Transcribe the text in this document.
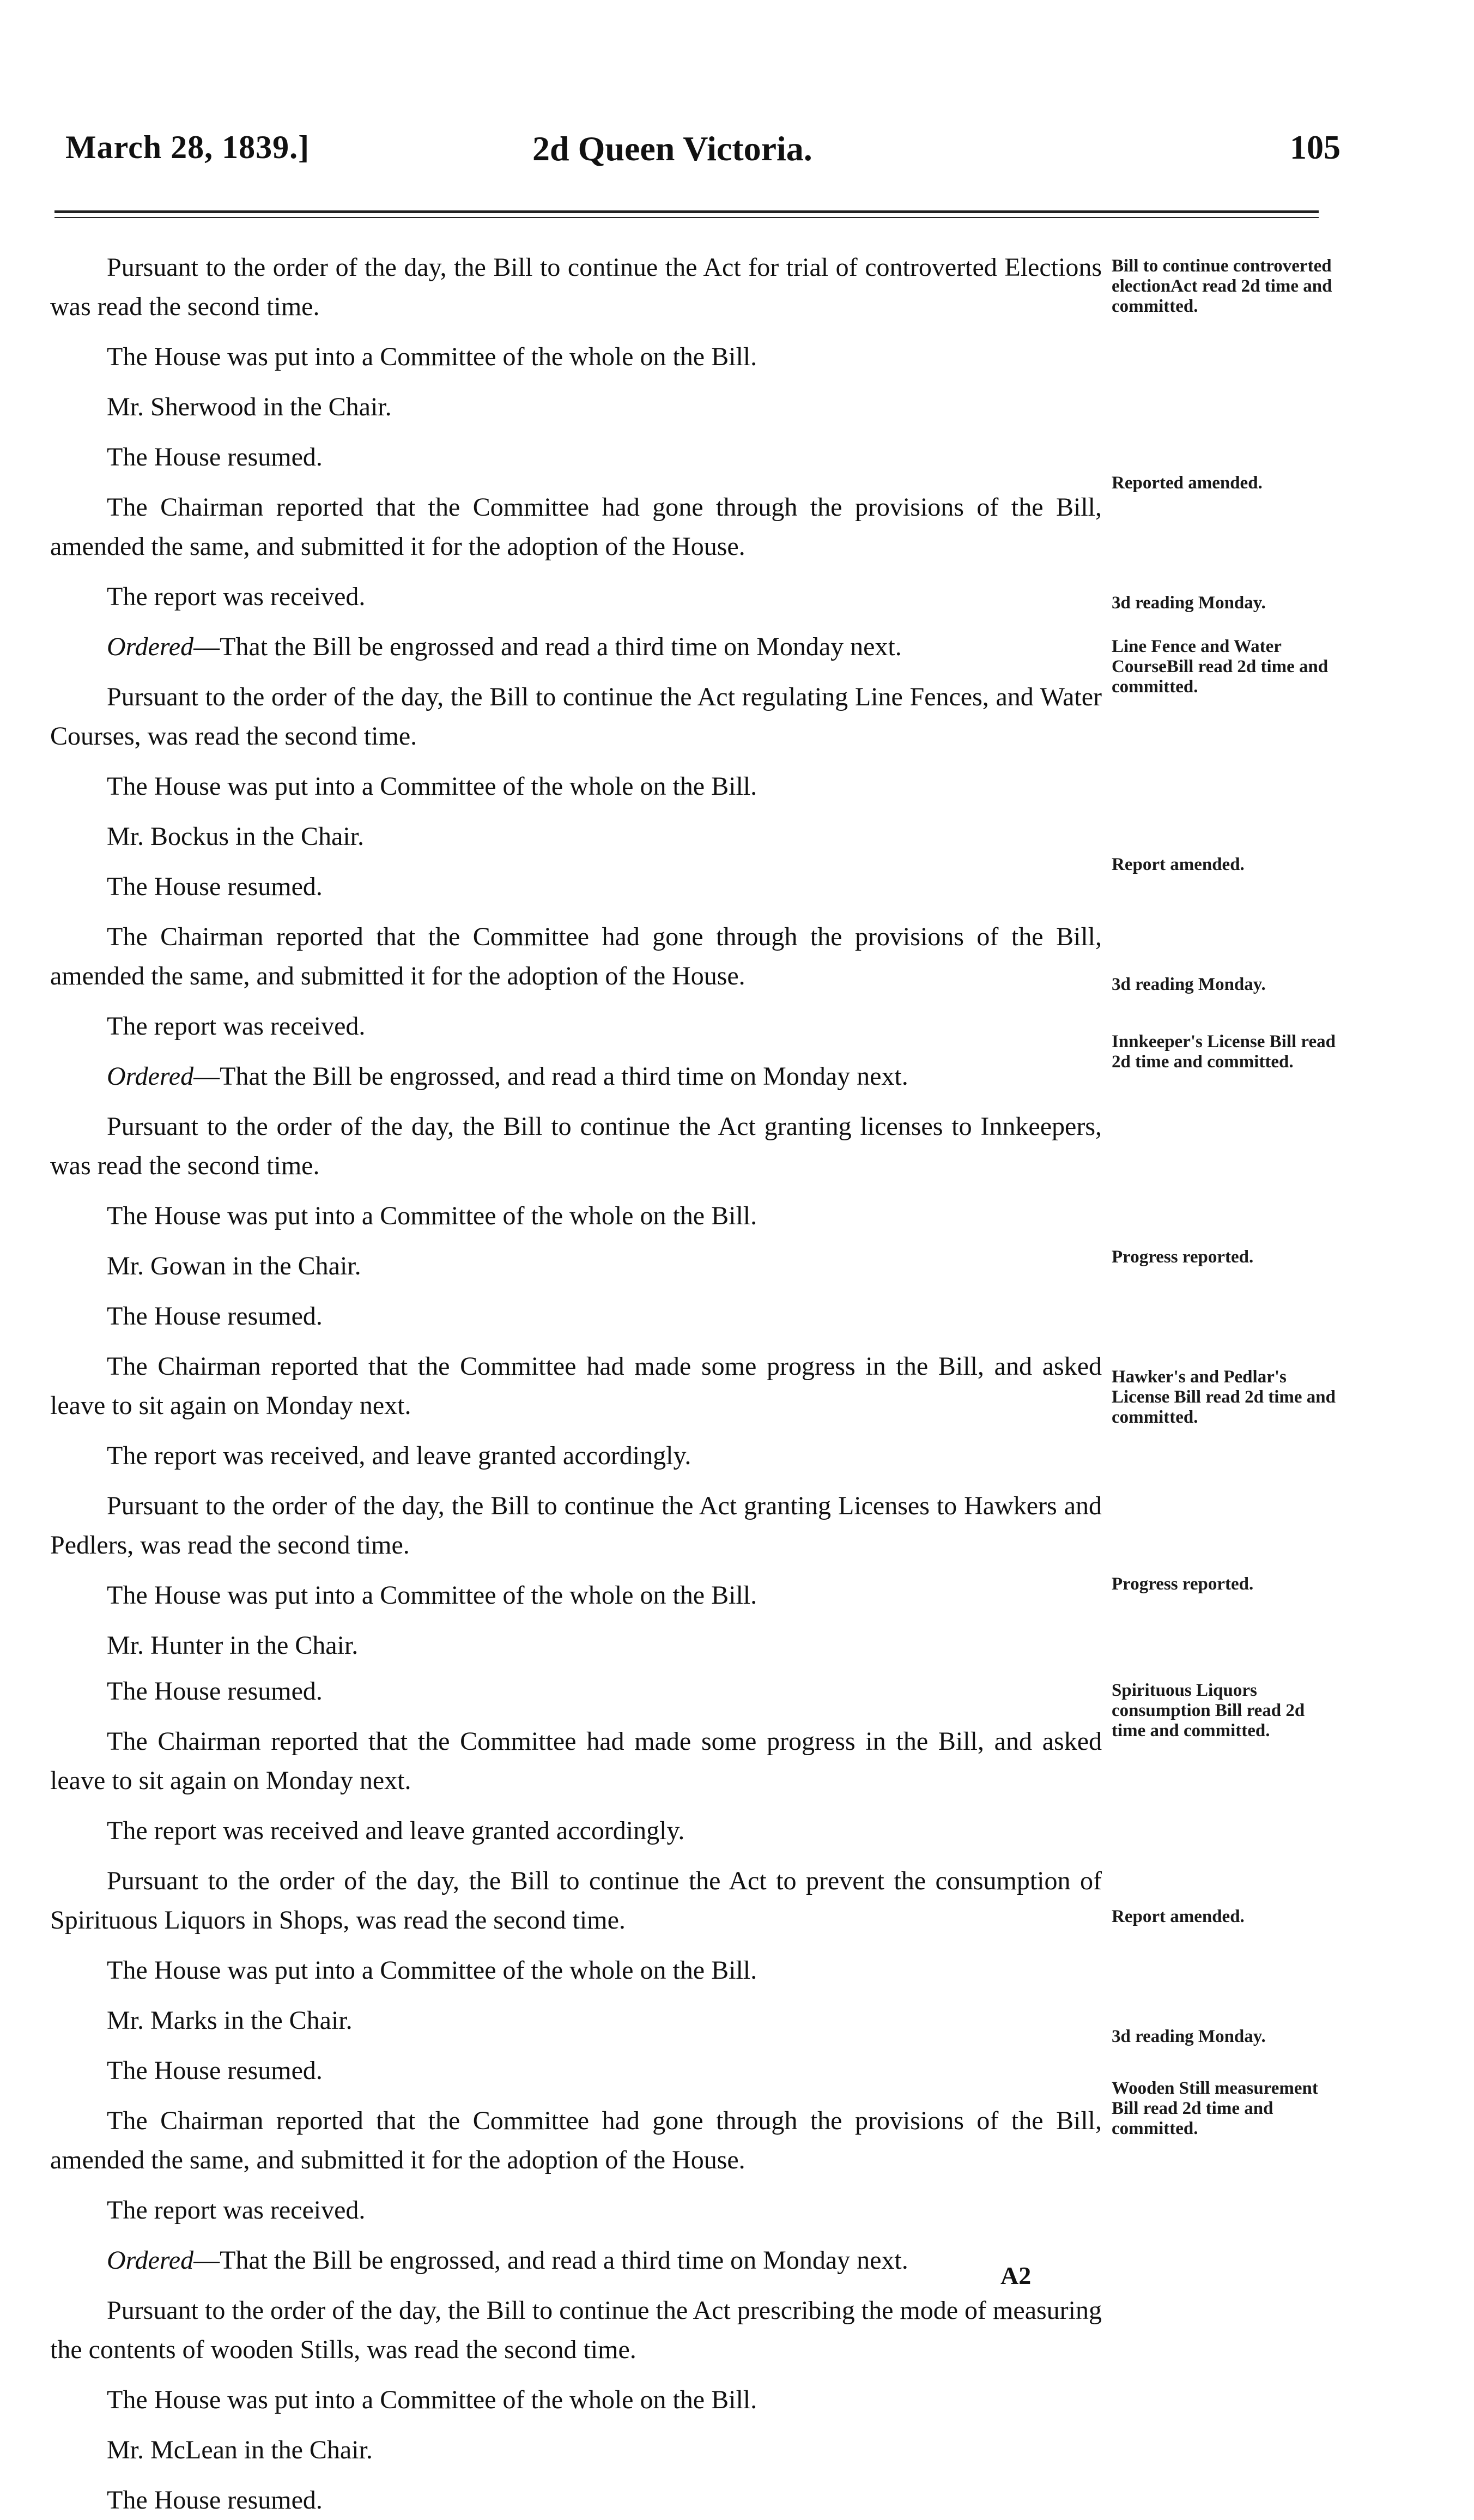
March 28, 1839.]	2d Queen Victoria.	105

Pursuant to the order of the day, the Bill to continue the Act for trial of controverted Elections was read the second time.

The House was put into a Committee of the whole on the Bill.

Mr. Sherwood in the Chair.

The House resumed.

The Chairman reported that the Committee had gone through the provisions of the Bill, amended the same, and submitted it for the adoption of the House.

The report was received.

Ordered—That the Bill be engrossed and read a third time on Monday next.

Pursuant to the order of the day, the Bill to continue the Act regulating Line Fences, and Water Courses, was read the second time.

The House was put into a Committee of the whole on the Bill.

Mr. Bockus in the Chair.

The House resumed.

The Chairman reported that the Committee had gone through the provisions of the Bill, amended the same, and submitted it for the adoption of the House.

The report was received.

Ordered—That the Bill be engrossed, and read a third time on Monday next.

Pursuant to the order of the day, the Bill to continue the Act granting licenses to Innkeepers, was read the second time.

The House was put into a Committee of the whole on the Bill.

Mr. Gowan in the Chair.

The House resumed.

The Chairman reported that the Committee had made some progress in the Bill, and asked leave to sit again on Monday next.

The report was received, and leave granted accordingly.

Pursuant to the order of the day, the Bill to continue the Act granting Licenses to Hawkers and Pedlers, was read the second time.

The House was put into a Committee of the whole on the Bill.

Mr. Hunter in the Chair.

The House resumed.

The Chairman reported that the Committee had made some progress in the Bill, and asked leave to sit again on Monday next.

The report was received and leave granted accordingly.

Pursuant to the order of the day, the Bill to continue the Act to prevent the consumption of Spirituous Liquors in Shops, was read the second time.

The House was put into a Committee of the whole on the Bill.

Mr. Marks in the Chair.

The House resumed.

The Chairman reported that the Committee had gone through the provisions of the Bill, amended the same, and submitted it for the adoption of the House.

The report was received.

Ordered—That the Bill be engrossed, and read a third time on Monday next.

Pursuant to the order of the day, the Bill to continue the Act prescribing the mode of measuring the contents of wooden Stills, was read the second time.

The House was put into a Committee of the whole on the Bill.

Mr. McLean in the Chair.

The House resumed.

Bill to continue controverted electionAct read 2d time and committed.
Reported amended.
3d reading Monday.
Line Fence and Water CourseBill read 2d time and committed.
Report amended.
3d reading Monday.
Innkeeper's License Bill read 2d time and committed.
Progress reported.
Hawker's and Pedlar's License Bill read 2d time and committed.
Progress reported.
Spirituous Liquors consumption Bill read 2d time and committed.
Report amended.
3d reading Monday.
Wooden Still measurement Bill read 2d time and committed.
A2
